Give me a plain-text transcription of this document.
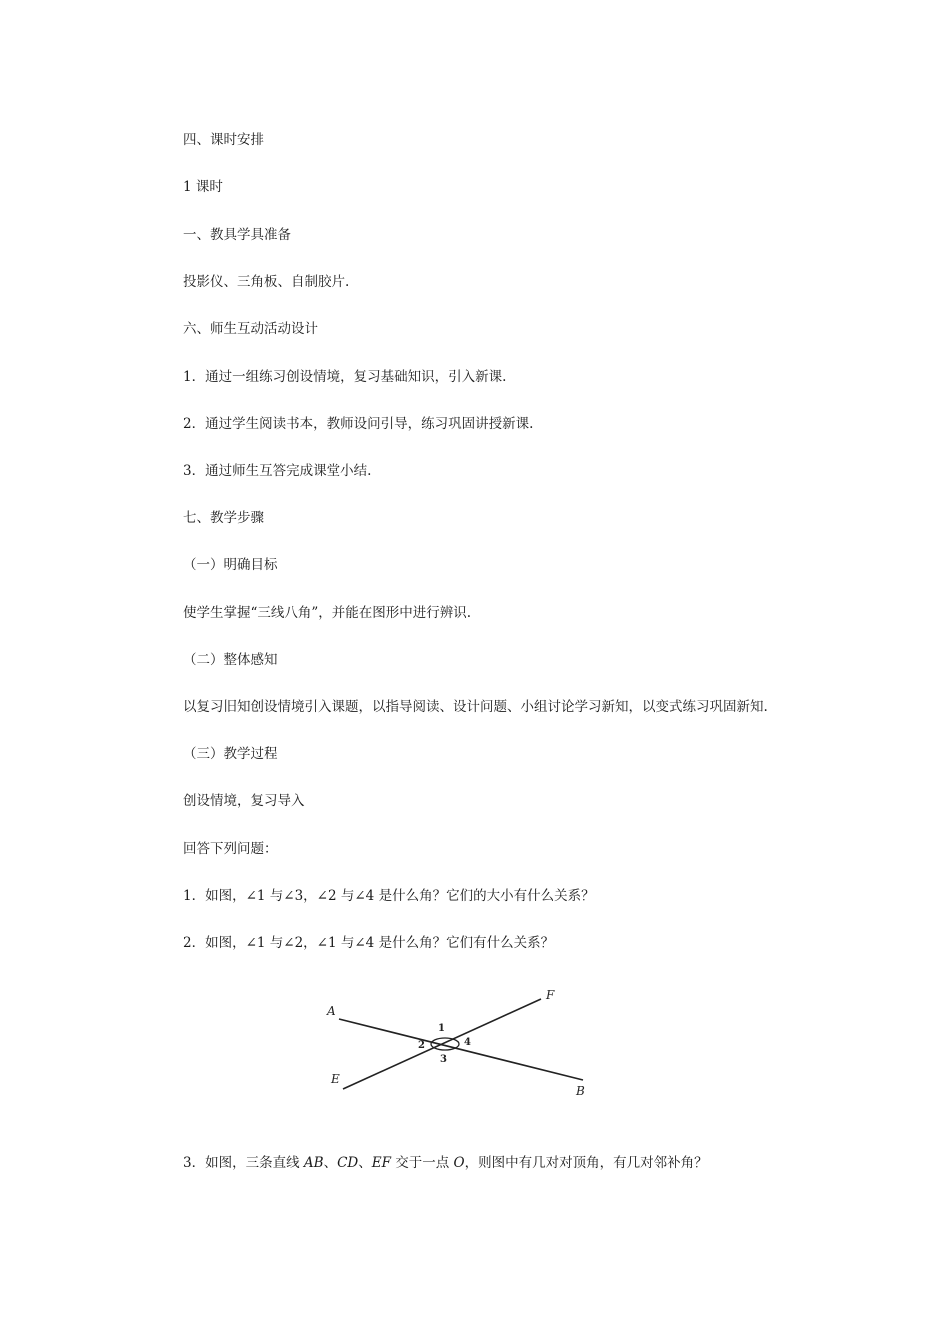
四、课时安排
1 课时
一、教具学具准备
投影仪、三角板、自制胶片.
六、师生互动活动设计
1．通过一组练习创设情境，复习基础知识，引入新课.
2．通过学生阅读书本，教师设问引导，练习巩固讲授新课.
3．通过师生互答完成课堂小结.
七、教学步骤
（一）明确目标
使学生掌握“三线八角”，并能在图形中进行辨识.
（二）整体感知
以复习旧知创设情境引入课题，以指导阅读、设计问题、小组讨论学习新知，以变式练习巩固新知.
（三）教学过程
创设情境，复习导入
回答下列问题：
1．如图，∠1 与∠3，∠2 与∠4 是什么角？它们的大小有什么关系？
2．如图，∠1 与∠2，∠1 与∠4 是什么角？它们有什么关系？
A
B
E
F
1
2
3
4
3．如图，三条直线 AB、CD、EF 交于一点 O，则图中有几对对顶角，有几对邻补角？
